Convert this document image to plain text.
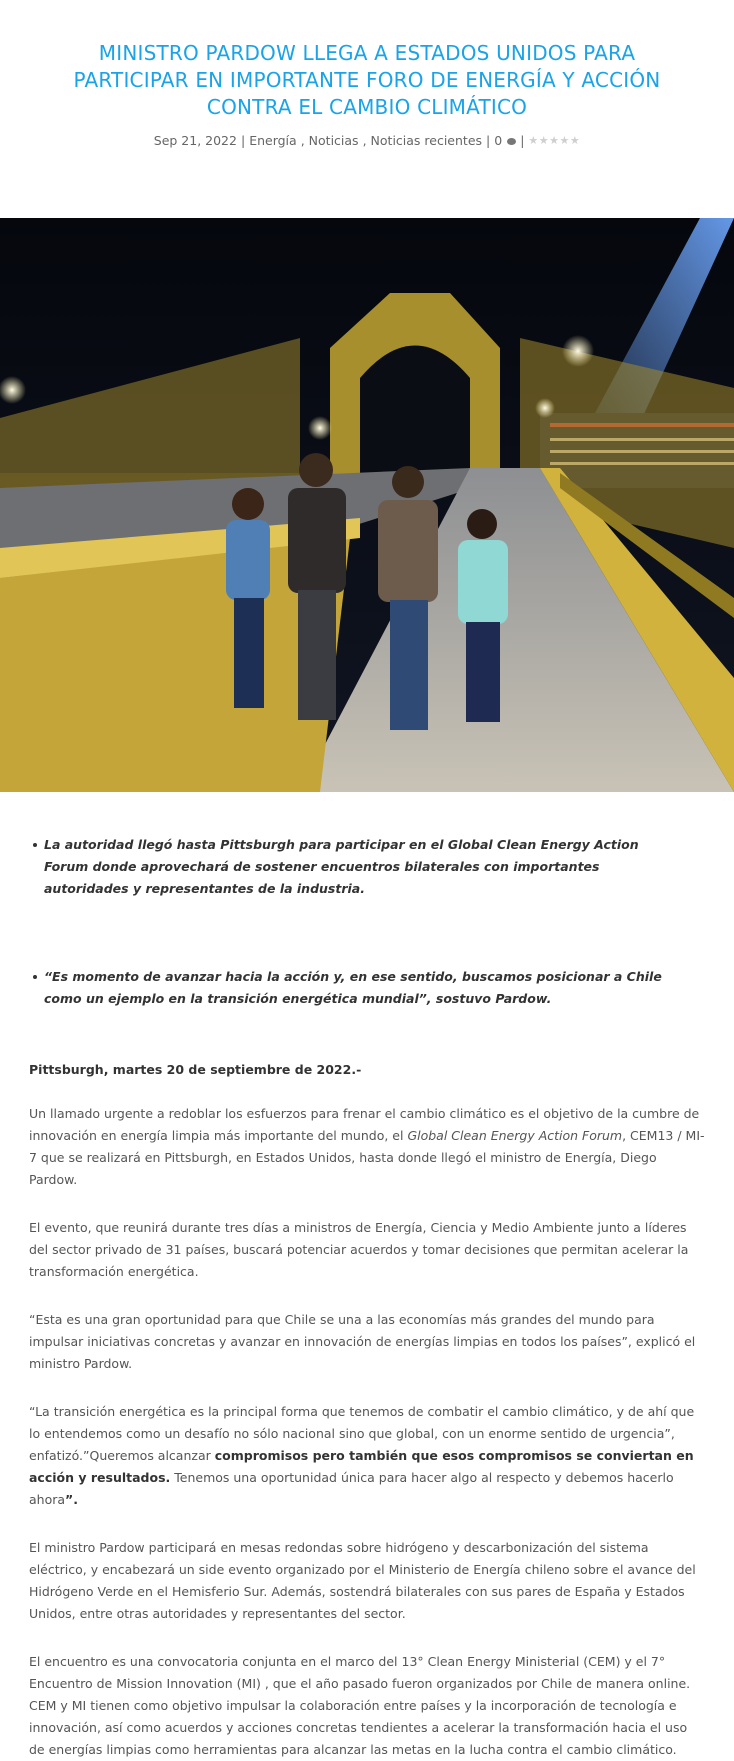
MINISTRO PARDOW LLEGA A ESTADOS UNIDOS PARA PARTICIPAR EN IMPORTANTE FORO DE ENERGÍA Y ACCIÓN CONTRA EL CAMBIO CLIMÁTICO
Sep 21, 2022 | Energía , Noticias , Noticias recientes | 0	| ★★★★★
La autoridad llegó hasta Pittsburgh para participar en el Global Clean Energy Action Forum donde aprovechará de sostener encuentros bilaterales con importantes autoridades y representantes de la industria.
“Es momento de avanzar hacia la acción y, en ese sentido, buscamos posicionar a Chile como un ejemplo en la transición energética mundial”, sostuvo Pardow.
Pittsburgh, martes 20 de septiembre de 2022.-

Un llamado urgente a redoblar los esfuerzos para frenar el cambio climático es el objetivo de la cumbre de innovación en energía limpia más importante del mundo, el Global Clean Energy Action Forum, CEM13 / MI-7 que se realizará en Pittsburgh, en Estados Unidos, hasta donde llegó el ministro de Energía, Diego Pardow.

El evento, que reunirá durante tres días a ministros de Energía, Ciencia y Medio Ambiente junto a líderes del sector privado de 31 países, buscará potenciar acuerdos y tomar decisiones que permitan acelerar la transformación energética.

“Esta es una gran oportunidad para que Chile se una a las economías más grandes del mundo para impulsar iniciativas concretas y avanzar en innovación de energías limpias en todos los países”, explicó el ministro Pardow.

“La transición energética es la principal forma que tenemos de combatir el cambio climático, y de ahí que lo entendemos como un desafío no sólo nacional sino que global, con un enorme sentido de urgencia”, enfatizó.”Queremos alcanzar compromisos pero también que esos compromisos se conviertan en acción y resultados. Tenemos una oportunidad única para hacer algo al respecto y debemos hacerlo ahora”.

El ministro Pardow participará en mesas redondas sobre hidrógeno y descarbonización del sistema eléctrico, y encabezará un side evento organizado por el Ministerio de Energía chileno sobre el avance del Hidrógeno Verde en el Hemisferio Sur. Además, sostendrá bilaterales con sus pares de España y Estados Unidos, entre otras autoridades y representantes del sector.

El encuentro es una convocatoria conjunta en el marco del 13° Clean Energy Ministerial (CEM) y el 7° Encuentro de Mission Innovation (MI) , que el año pasado fueron organizados por Chile de manera online. CEM y MI tienen como objetivo impulsar la colaboración entre países y la incorporación de tecnología e innovación, así como acuerdos y acciones concretas tendientes a acelerar la transformación hacia el uso de energías limpias como herramientas para alcanzar las metas en la lucha contra el cambio climático.
